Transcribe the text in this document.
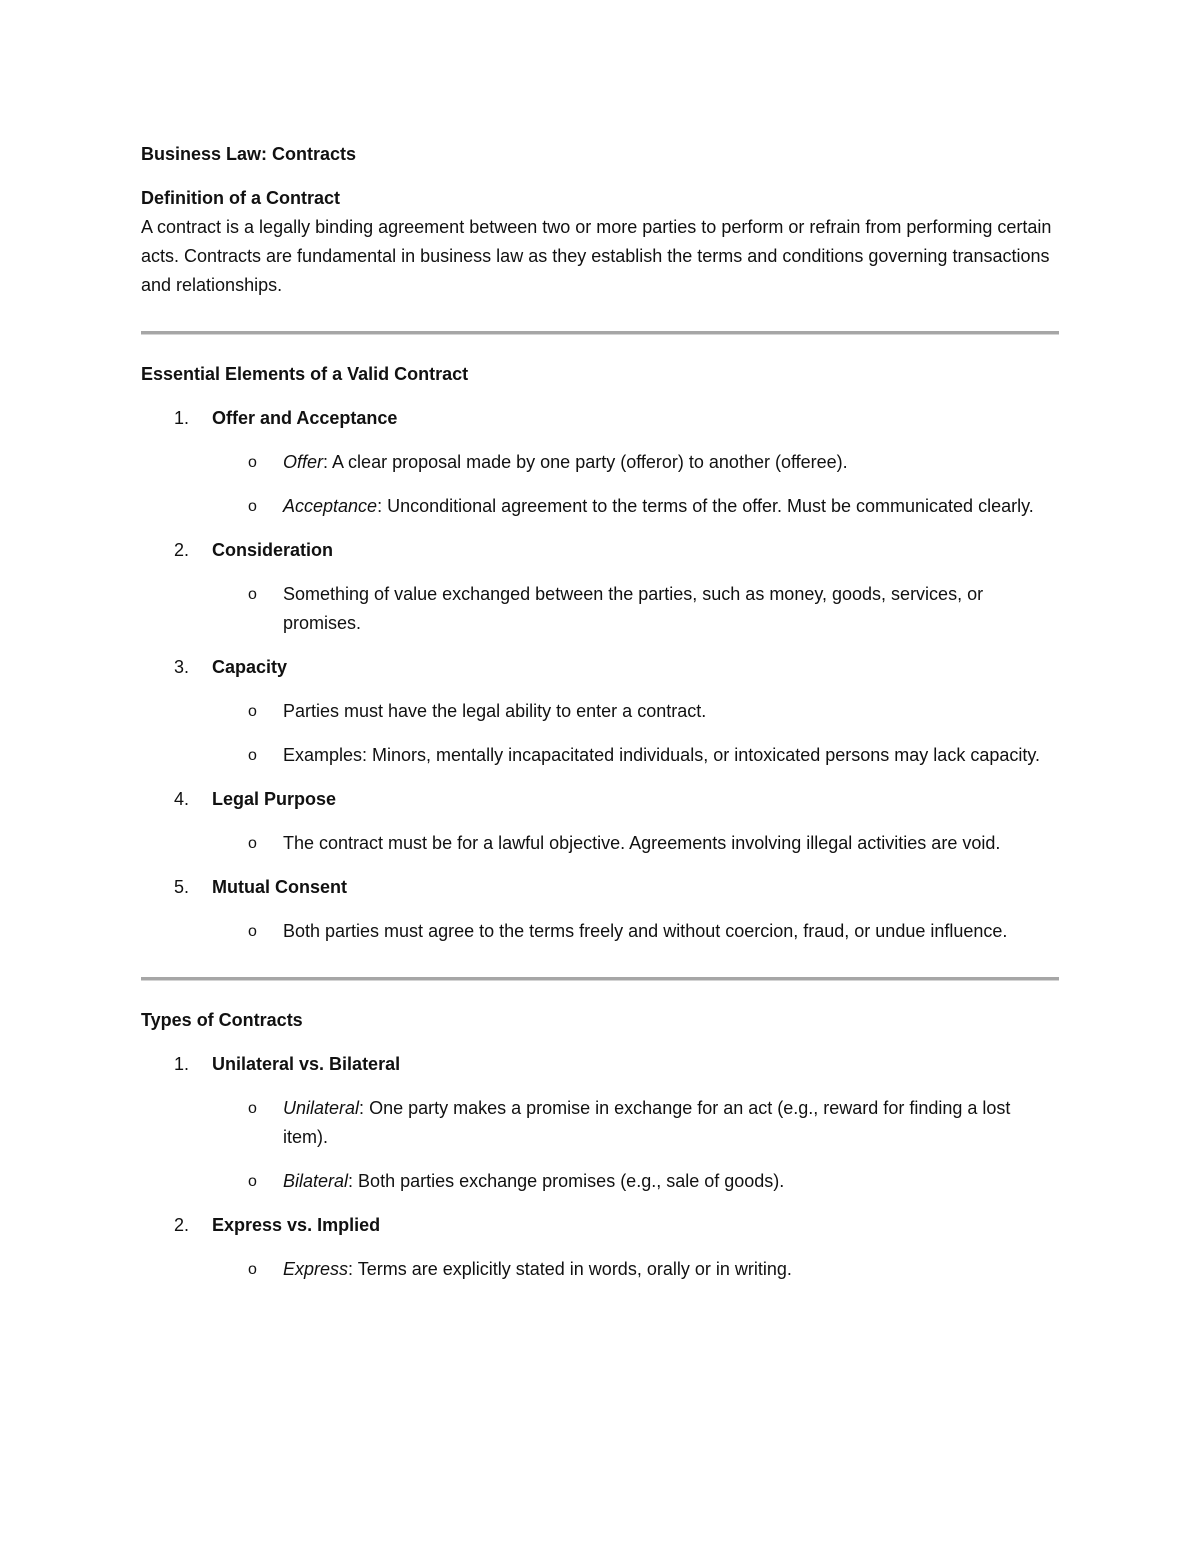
Business Law: Contracts

Definition of a Contract

A contract is a legally binding agreement between two or more parties to perform or refrain from performing certain acts. Contracts are fundamental in business law as they establish the terms and conditions governing transactions and relationships.

Essential Elements of a Valid Contract

1. Offer and Acceptance
o Offer: A clear proposal made by one party (offeror) to another (offeree).
o Acceptance: Unconditional agreement to the terms of the offer. Must be communicated clearly.
2. Consideration
o Something of value exchanged between the parties, such as money, goods, services, or promises.
3. Capacity
o Parties must have the legal ability to enter a contract.
o Examples: Minors, mentally incapacitated individuals, or intoxicated persons may lack capacity.
4. Legal Purpose
o The contract must be for a lawful objective. Agreements involving illegal activities are void.
5. Mutual Consent
o Both parties must agree to the terms freely and without coercion, fraud, or undue influence.

Types of Contracts

1. Unilateral vs. Bilateral
o Unilateral: One party makes a promise in exchange for an act (e.g., reward for finding a lost item).
o Bilateral: Both parties exchange promises (e.g., sale of goods).
2. Express vs. Implied
o Express: Terms are explicitly stated in words, orally or in writing.
